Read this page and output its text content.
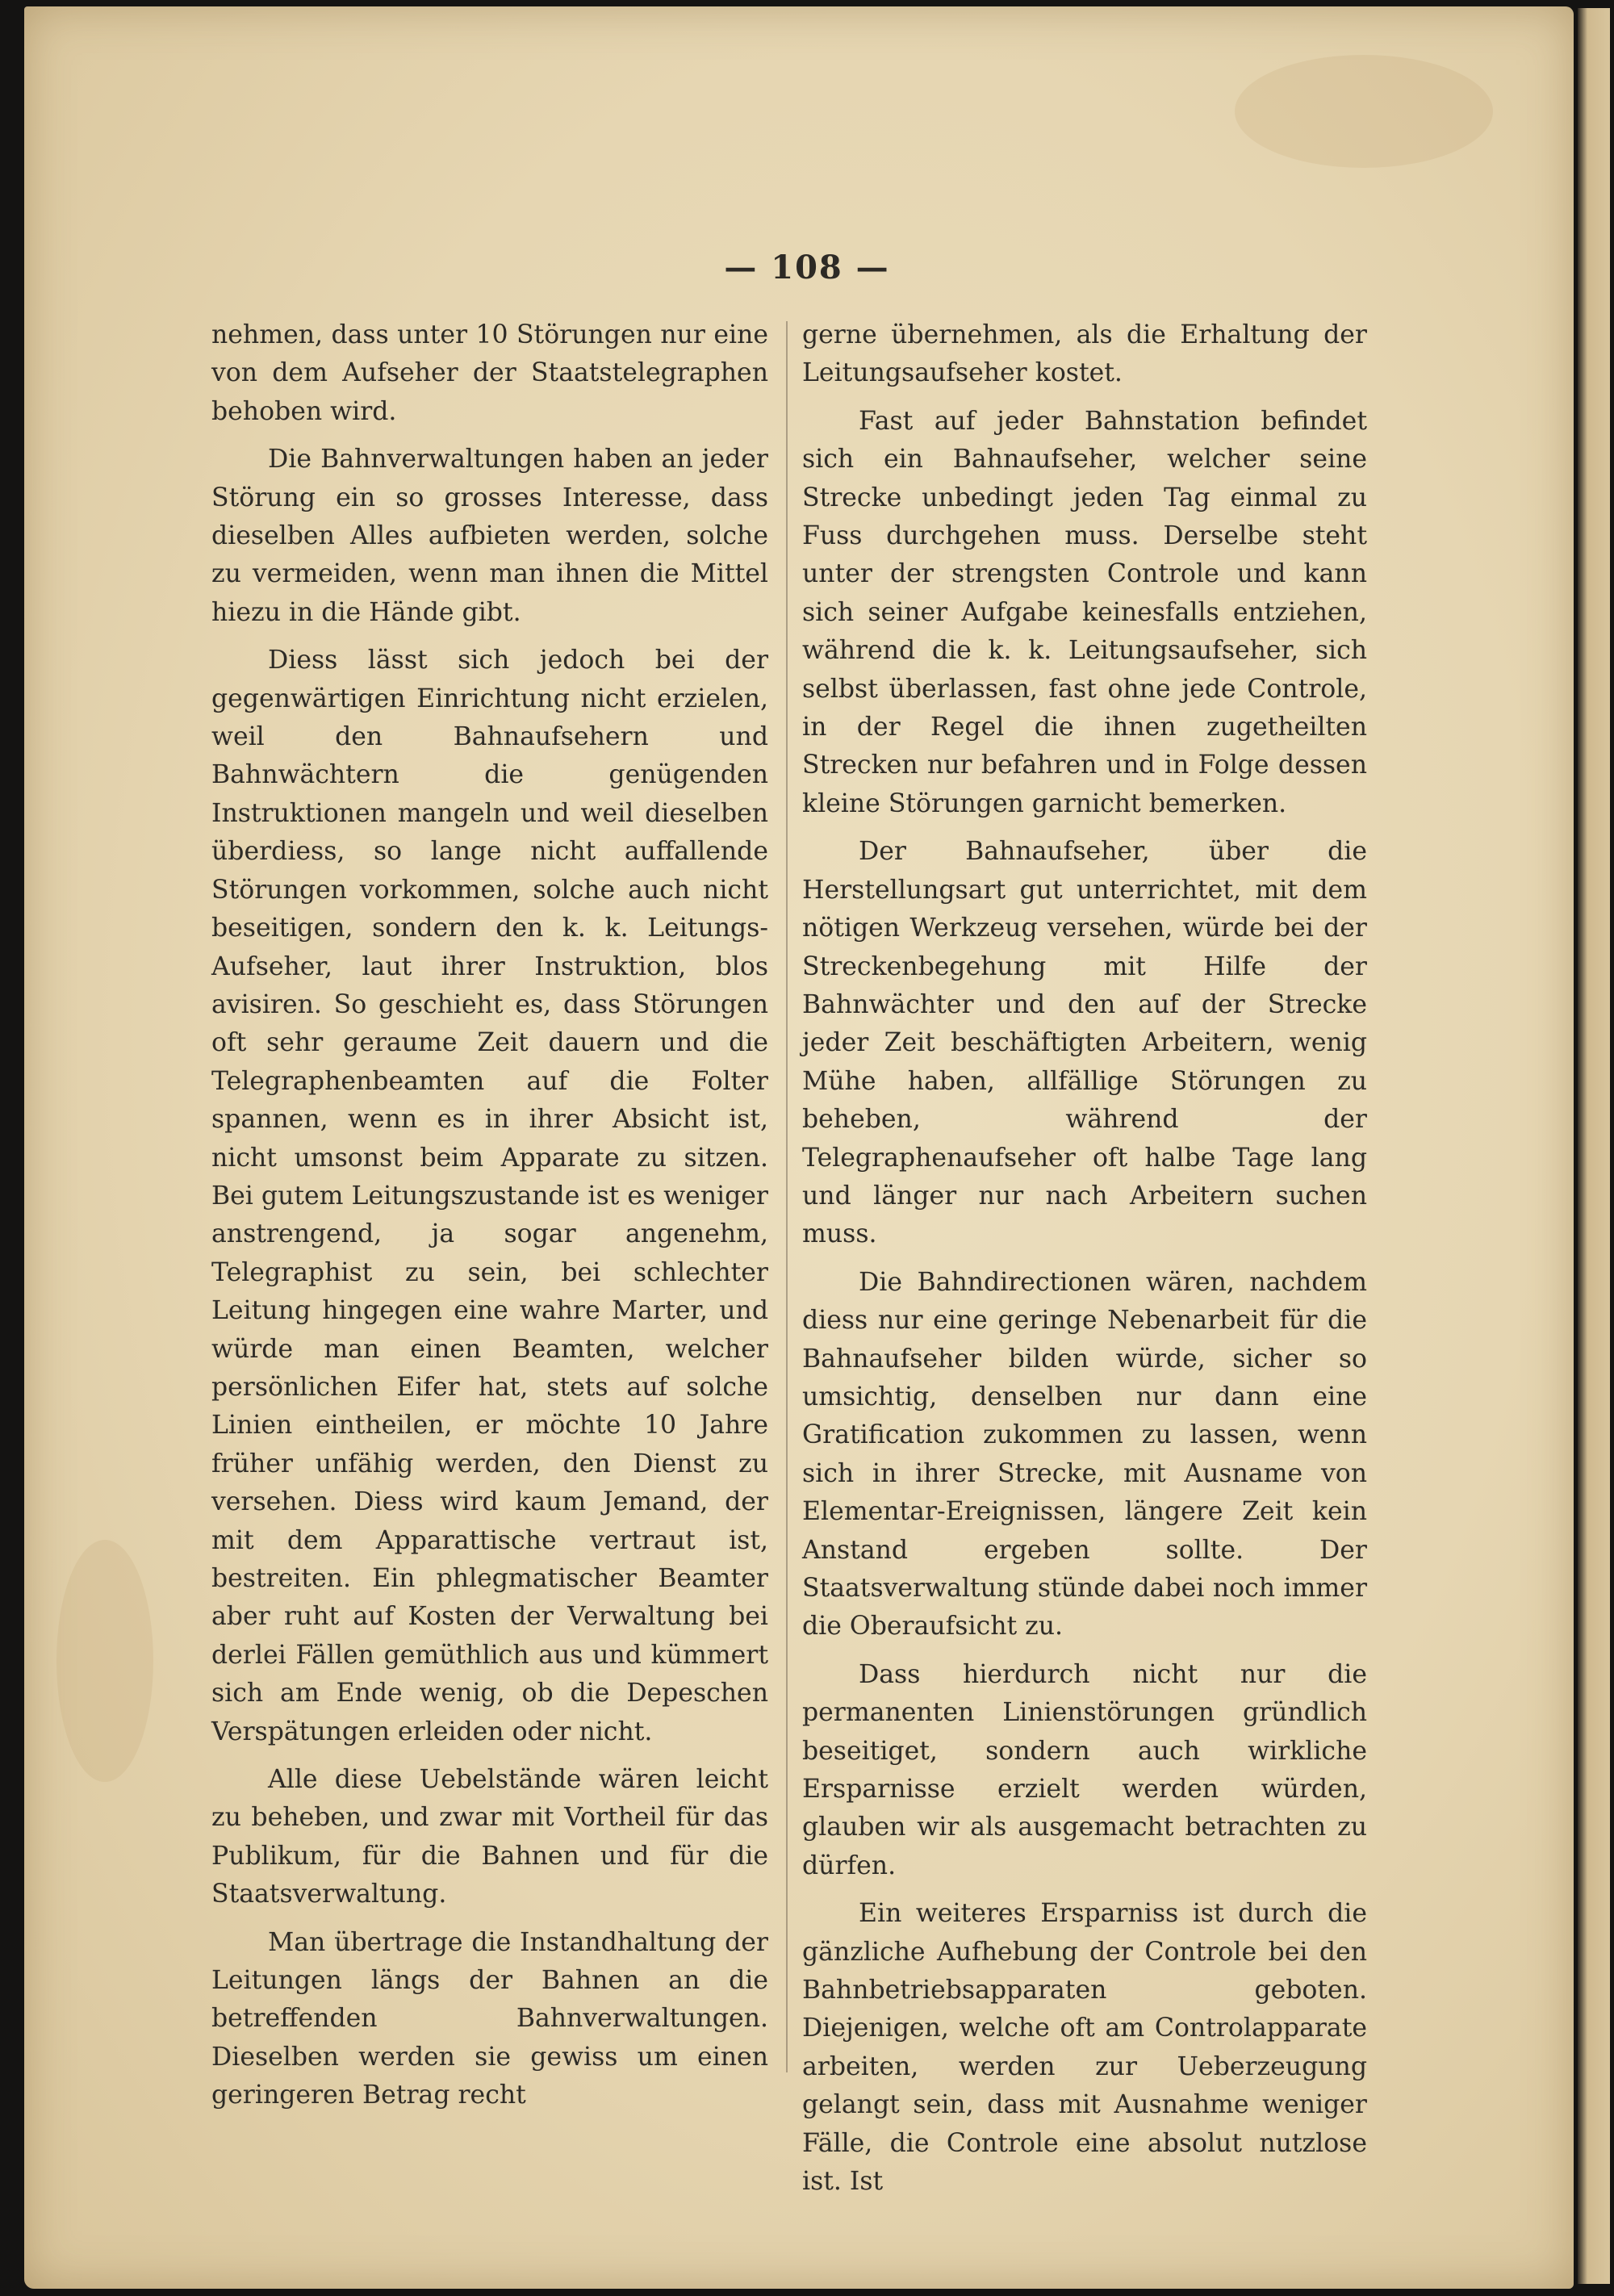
— 108 —

nehmen, dass unter 10 Störungen nur eine von dem Aufseher der Staatstelegraphen behoben wird.

Die Bahnverwaltungen haben an jeder Störung ein so grosses Interesse, dass dieselben Alles aufbieten werden, solche zu vermeiden, wenn man ihnen die Mittel hiezu in die Hände gibt.

Diess lässt sich jedoch bei der gegenwärtigen Einrichtung nicht erzielen, weil den Bahnaufsehern und Bahnwächtern die genügenden Instruktionen mangeln und weil dieselben überdiess, so lange nicht auffallende Störungen vorkommen, solche auch nicht beseitigen, sondern den k. k. Leitungs-Aufseher, laut ihrer Instruktion, blos avisiren. So geschieht es, dass Störungen oft sehr geraume Zeit dauern und die Telegraphenbeamten auf die Folter spannen, wenn es in ihrer Absicht ist, nicht umsonst beim Apparate zu sitzen. Bei gutem Leitungszustande ist es weniger anstrengend, ja sogar angenehm, Telegraphist zu sein, bei schlechter Leitung hingegen eine wahre Marter, und würde man einen Beamten, welcher persönlichen Eifer hat, stets auf solche Linien eintheilen, er möchte 10 Jahre früher unfähig werden, den Dienst zu versehen. Diess wird kaum Jemand, der mit dem Apparattische vertraut ist, bestreiten. Ein phlegmatischer Beamter aber ruht auf Kosten der Verwaltung bei derlei Fällen gemüthlich aus und kümmert sich am Ende wenig, ob die Depeschen Verspätungen erleiden oder nicht.

Alle diese Uebelstände wären leicht zu beheben, und zwar mit Vortheil für das Publikum, für die Bahnen und für die Staatsverwaltung.

Man übertrage die Instandhaltung der Leitungen längs der Bahnen an die betreffenden Bahnverwaltungen. Dieselben werden sie gewiss um einen geringeren Betrag recht

gerne übernehmen, als die Erhaltung der Leitungsaufseher kostet.

Fast auf jeder Bahnstation befindet sich ein Bahnaufseher, welcher seine Strecke unbedingt jeden Tag einmal zu Fuss durchgehen muss. Derselbe steht unter der strengsten Controle und kann sich seiner Aufgabe keinesfalls entziehen, während die k. k. Leitungsaufseher, sich selbst überlassen, fast ohne jede Controle, in der Regel die ihnen zugetheilten Strecken nur befahren und in Folge dessen kleine Störungen garnicht bemerken.

Der Bahnaufseher, über die Herstellungsart gut unterrichtet, mit dem nötigen Werkzeug versehen, würde bei der Streckenbegehung mit Hilfe der Bahnwächter und den auf der Strecke jeder Zeit beschäftigten Arbeitern, wenig Mühe haben, allfällige Störungen zu beheben, während der Telegraphenaufseher oft halbe Tage lang und länger nur nach Arbeitern suchen muss.

Die Bahndirectionen wären, nachdem diess nur eine geringe Nebenarbeit für die Bahnaufseher bilden würde, sicher so umsichtig, denselben nur dann eine Gratification zukommen zu lassen, wenn sich in ihrer Strecke, mit Ausname von Elementar-Ereignissen, längere Zeit kein Anstand ergeben sollte. Der Staatsverwaltung stünde dabei noch immer die Oberaufsicht zu.

Dass hierdurch nicht nur die permanenten Linienstörungen gründlich beseitiget, sondern auch wirkliche Ersparnisse erzielt werden würden, glauben wir als ausgemacht betrachten zu dürfen.

Ein weiteres Ersparniss ist durch die gänzliche Aufhebung der Controle bei den Bahnbetriebsapparaten geboten. Diejenigen, welche oft am Controlapparate arbeiten, werden zur Ueberzeugung gelangt sein, dass mit Ausnahme weniger Fälle, die Controle eine absolut nutzlose ist. Ist
